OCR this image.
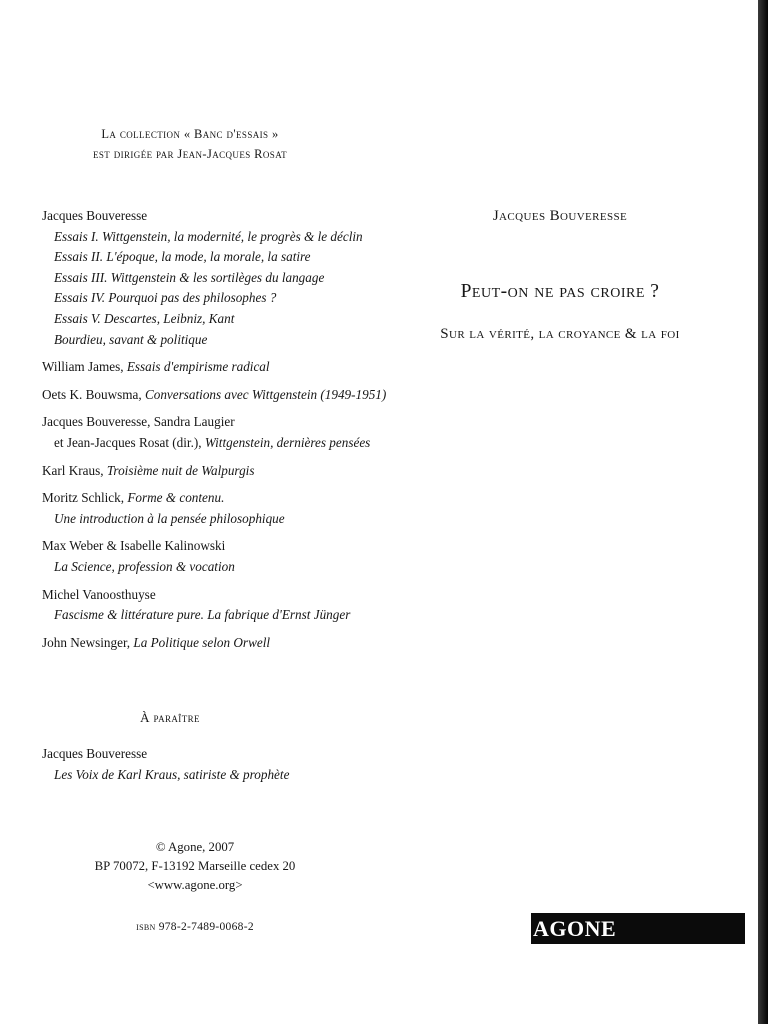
La collection « Banc d'essais »
est dirigée par Jean-Jacques Rosat
Jacques Bouveresse
Essais I. Wittgenstein, la modernité, le progrès & le déclin
Essais II. L'époque, la mode, la morale, la satire
Essais III. Wittgenstein & les sortilèges du langage
Essais IV. Pourquoi pas des philosophes ?
Essais V. Descartes, Leibniz, Kant
Bourdieu, savant & politique
William James, Essais d'empirisme radical
Oets K. Bouwsma, Conversations avec Wittgenstein (1949-1951)
Jacques Bouveresse, Sandra Laugier
et Jean-Jacques Rosat (dir.), Wittgenstein, dernières pensées
Karl Kraus, Troisième nuit de Walpurgis
Moritz Schlick, Forme & contenu.
Une introduction à la pensée philosophique
Max Weber & Isabelle Kalinowski
La Science, profession & vocation
Michel Vanoosthuyse
Fascisme & littérature pure. La fabrique d'Ernst Jünger
John Newsinger, La Politique selon Orwell
À paraître
Jacques Bouveresse
Les Voix de Karl Kraus, satiriste & prophète
© Agone, 2007
BP 70072, F-13192 Marseille cedex 20
<www.agone.org>
isbn 978-2-7489-0068-2
Jacques Bouveresse
Peut-on ne pas croire ?
Sur la vérité, la croyance & la foi
AGONE
